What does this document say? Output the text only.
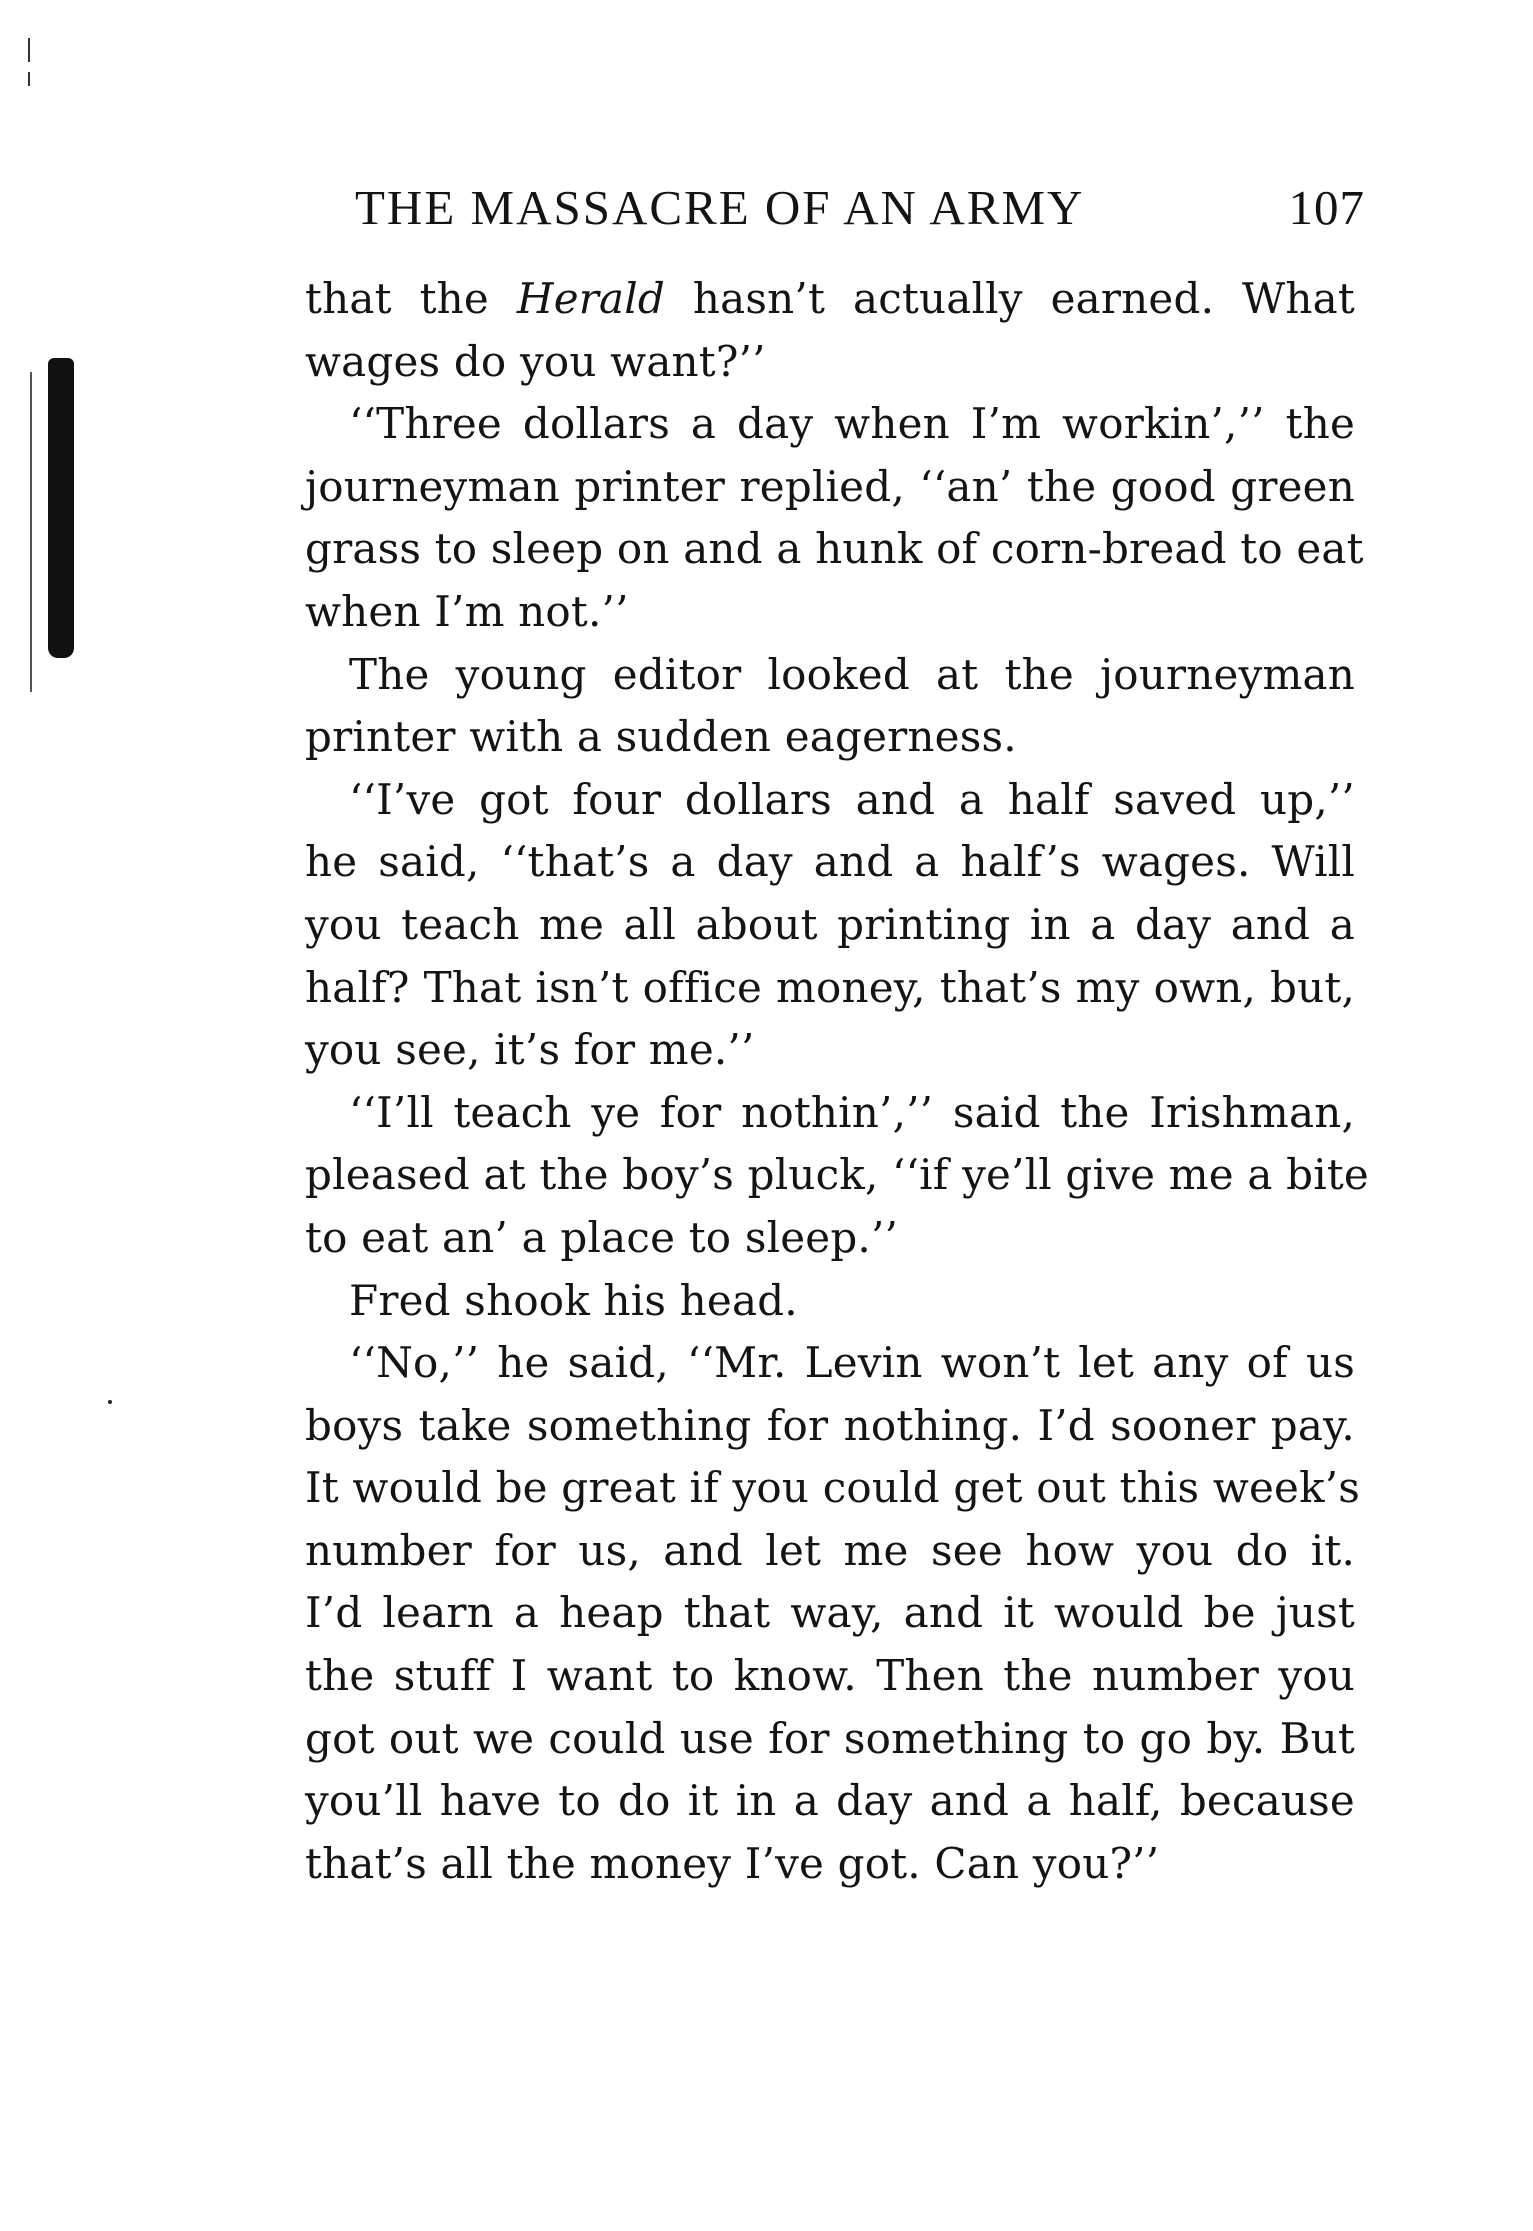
THE MASSACRE OF AN ARMY	107
that the Herald hasn’t actually earned. What
wages do you want?’’
‘‘Three dollars a day when I’m workin’,’’ the
journeyman printer replied, ‘‘an’ the good green
grass to sleep on and a hunk of corn-bread to eat
when I’m not.’’
The young editor looked at the journeyman
printer with a sudden eagerness.
‘‘I’ve got four dollars and a half saved up,’’
he said, ‘‘that’s a day and a half’s wages. Will
you teach me all about printing in a day and a
half? That isn’t office money, that’s my own, but,
you see, it’s for me.’’
‘‘I’ll teach ye for nothin’,’’ said the Irishman,
pleased at the boy’s pluck, ‘‘if ye’ll give me a bite
to eat an’ a place to sleep.’’
Fred shook his head.
‘‘No,’’ he said, ‘‘Mr. Levin won’t let any of us
boys take something for nothing. I’d sooner pay.
It would be great if you could get out this week’s
number for us, and let me see how you do it.
I’d learn a heap that way, and it would be just
the stuff I want to know. Then the number you
got out we could use for something to go by. But
you’ll have to do it in a day and a half, because
that’s all the money I’ve got. Can you?’’
